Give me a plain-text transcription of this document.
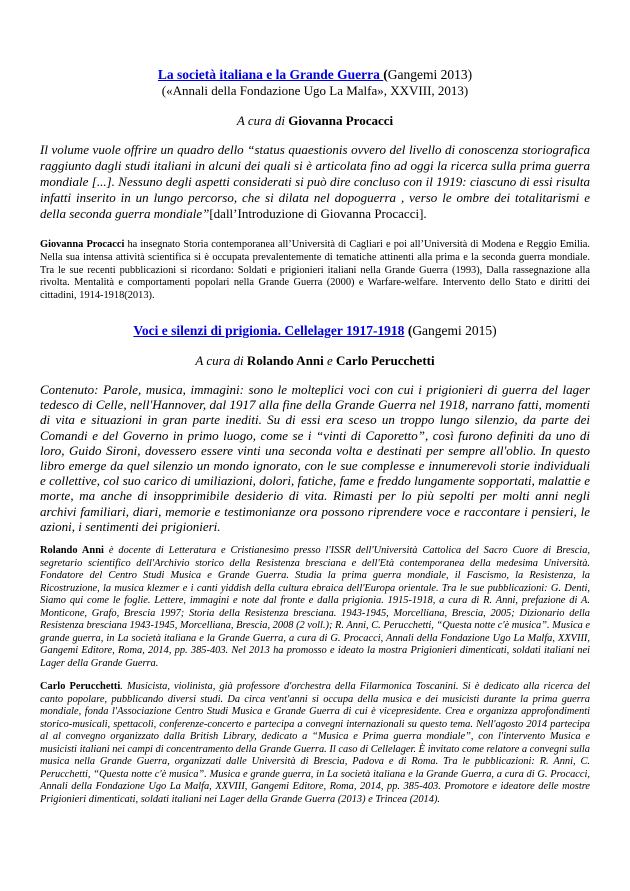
La società italiana e la Grande Guerra (Gangemi 2013)
(«Annali della Fondazione Ugo La Malfa», XXVIII, 2013)
A cura di Giovanna Procacci

Il volume vuole offrire un quadro dello “status quaestionis ovvero del livello di conoscenza storiografica raggiunto dagli studi italiani in alcuni dei quali si è articolata fino ad oggi la ricerca sulla prima guerra mondiale [...]. Nessuno degli aspetti considerati si può dire concluso con il 1919: ciascuno di essi risulta infatti inserito in un lungo percorso, che si dilata nel dopoguerra , verso le ombre dei totalitarismi e della seconda guerra mondiale”[dall’Introduzione di Giovanna Procacci].

Giovanna Procacci ha insegnato Storia contemporanea all’Università di Cagliari e poi all’Università di Modena e Reggio Emilia. Nella sua intensa attività scientifica si è occupata prevalentemente di tematiche attinenti alla prima e la seconda guerra mondiale. Tra le sue recenti pubblicazioni si ricordano: Soldati e prigionieri italiani nella Grande Guerra (1993), Dalla rassegnazione alla rivolta. Mentalità e comportamenti popolari nella Grande Guerra (2000) e Warfare-welfare. Intervento dello Stato e diritti dei cittadini, 1914-1918(2013).

Voci e silenzi di prigionia. Cellelager 1917-1918 (Gangemi 2015)
A cura di Rolando Anni e Carlo Perucchetti

Contenuto: Parole, musica, immagini: sono le molteplici voci con cui i prigionieri di guerra del lager tedesco di Celle, nell'Hannover, dal 1917 alla fine della Grande Guerra nel 1918, narrano fatti, momenti di vita e situazioni in gran parte inediti. Su di essi era sceso un troppo lungo silenzio, da parte dei Comandi e del Governo in primo luogo, come se i “vinti di Caporetto”, così furono definiti da uno di loro, Guido Sironi, dovessero essere vinti una seconda volta e destinati per sempre all'oblio. In questo libro emerge da quel silenzio un mondo ignorato, con le sue complesse e innumerevoli storie individuali e collettive, col suo carico di umiliazioni, dolori, fatiche, fame e freddo lungamente sopportati, malattie e morte, ma anche di insopprimibile desiderio di vita. Rimasti per lo più sepolti per molti anni negli archivi familiari, diari, memorie e testimonianze ora possono riprendere voce e raccontare i pensieri, le azioni, i sentimenti dei prigionieri.

Rolando Anni è docente di Letteratura e Cristianesimo presso l'ISSR dell'Università Cattolica del Sacro Cuore di Brescia, segretario scientifico dell'Archivio storico della Resistenza bresciana e dell'Età contemporanea della medesima Università. Fondatore del Centro Studi Musica e Grande Guerra. Studia la prima guerra mondiale, il Fascismo, la Resistenza, la Ricostruzione, la musica klezmer e i canti yiddish della cultura ebraica dell'Europa orientale. Tra le sue pubblicazioni: G. Denti, Siamo qui come le foglie. Lettere, immagini e note dal fronte e dalla prigionia. 1915-1918, a cura di R. Anni, prefazione di A. Monticone, Grafo, Brescia 1997; Storia della Resistenza bresciana. 1943-1945, Morcelliana, Brescia, 2005; Dizionario della Resistenza bresciana 1943-1945, Morcelliana, Brescia, 2008 (2 voll.); R. Anni, C. Perucchetti, “Questa notte c'è musica”. Musica e grande guerra, in La società italiana e la Grande Guerra, a cura di G. Procacci, Annali della Fondazione Ugo La Malfa, XXVIII, Gangemi Editore, Roma, 2014, pp. 385-403. Nel 2013 ha promosso e ideato la mostra Prigionieri dimenticati, soldati italiani nei Lager della Grande Guerra.

Carlo Perucchetti. Musicista, violinista, già professore d'orchestra della Filarmonica Toscanini. Si è dedicato alla ricerca del canto popolare, pubblicando diversi studi. Da circa vent'anni si occupa della musica e dei musicisti durante la prima guerra mondiale, fonda l'Associazione Centro Studi Musica e Grande Guerra di cui è vicepresidente. Crea e organizza approfondimenti storico-musicali, spettacoli, conferenze-concerto e partecipa a convegni internazionali su questo tema. Nell'agosto 2014 partecipa al al convegno organizzato dalla British Library, dedicato a “Musica e Prima guerra mondiale”, con l'intervento Musica e musicisti italiani nei campi di concentramento della Grande Guerra. Il caso di Cellelager. È invitato come relatore a convegni sulla musica nella Grande Guerra, organizzati dalle Università di Brescia, Padova e di Roma. Tra le pubblicazioni: R. Anni, C. Perucchetti, “Questa notte c'è musica”. Musica e grande guerra, in La società italiana e la Grande Guerra, a cura di G. Procacci, Annali della Fondazione Ugo La Malfa, XXVIII, Gangemi Editore, Roma, 2014, pp. 385-403. Promotore e ideatore delle mostre Prigionieri dimenticati, soldati italiani nei Lager della Grande Guerra (2013) e Trincea (2014).
